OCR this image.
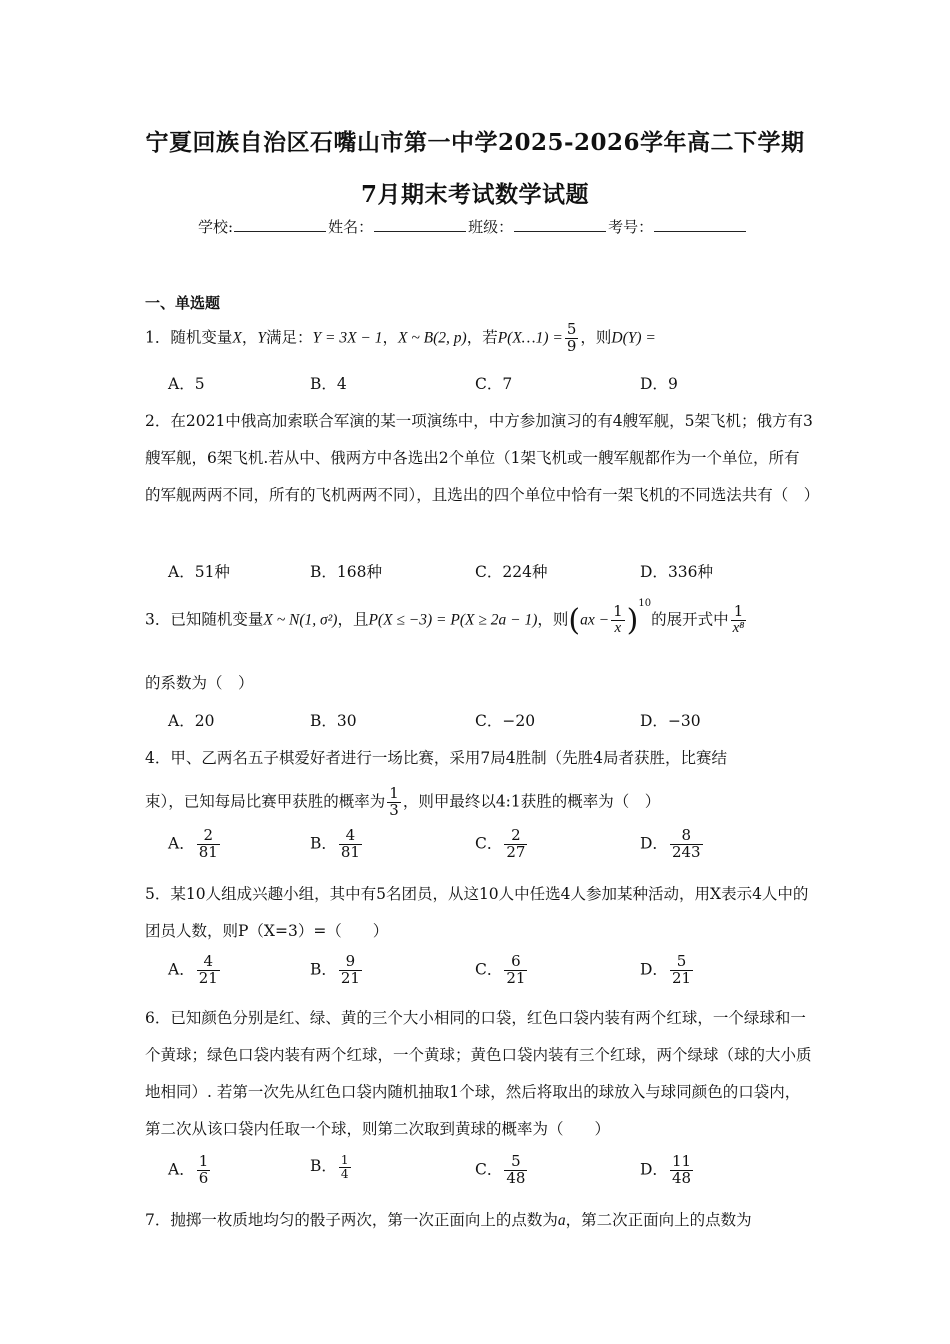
宁夏回族自治区石嘴山市第一中学2025-2026学年高二下学期
7月期末考试数学试题
学校:	姓名：	班级：	考号：
一、单选题
1．随机变量X，Y满足：Y = 3X − 1，X ~ B(2, p)，若P(X…1) = $\frac{5}{9}$ ，则D(Y) =
A．5	B．4	C．7	D．9
2．在2021中俄高加索联合军演的某一项演练中，中方参加演习的有4艘军舰，5架飞机；俄方有3艘军舰，6架飞机.若从中、俄两方中各选出2个单位（1架飞机或一艘军舰都作为一个单位，所有的军舰两两不同，所有的飞机两两不同），且选出的四个单位中恰有一架飞机的不同选法共有（　）
A．51种	B．168种	C．224种	D．336种
3．已知随机变量X ~ N(1, σ²)，且P(X ≤ −3) = P(X ≥ 2a − 1)，则$(ax - \frac{1}{x} )^{10}$的展开式中 $\frac{1}{\text{x⁸}}$
的系数为（　）
A．20	B．30	C．−20	D．−30
4．甲、乙两名五子棋爱好者进行一场比赛，采用7局4胜制（先胜4局者获胜，比赛结
束），已知每局比赛甲获胜的概率为 $\frac{1}{3}$ ，则甲最终以4:1获胜的概率为（　）
A． $\frac{2}{81}$	B． $\frac{4}{81}$	C． $\frac{2}{27}$	D． $\frac{8}{243}$
5．某10人组成兴趣小组，其中有5名团员，从这10人中任选4人参加某种活动，用X表示4人中的团员人数，则P（X=3）=（　　）
A． $\frac{4}{21}$	B． $\frac{9}{21}$	C． $\frac{6}{21}$	D． $\frac{5}{21}$
6．已知颜色分别是红、绿、黄的三个大小相同的口袋，红色口袋内装有两个红球，一个绿球和一个黄球；绿色口袋内装有两个红球，一个黄球；黄色口袋内装有三个红球，两个绿球（球的大小质地相同）. 若第一次先从红色口袋内随机抽取1个球，然后将取出的球放入与球同颜色的口袋内，第二次从该口袋内任取一个球，则第二次取到黄球的概率为（　　）
A． $\frac{1}{6}$	B． $\frac{1}{4}$	C． $\frac{5}{48}$	D． $\frac{11}{48}$
7．抛掷一枚质地均匀的骰子两次，第一次正面向上的点数为a，第二次正面向上的点数为
